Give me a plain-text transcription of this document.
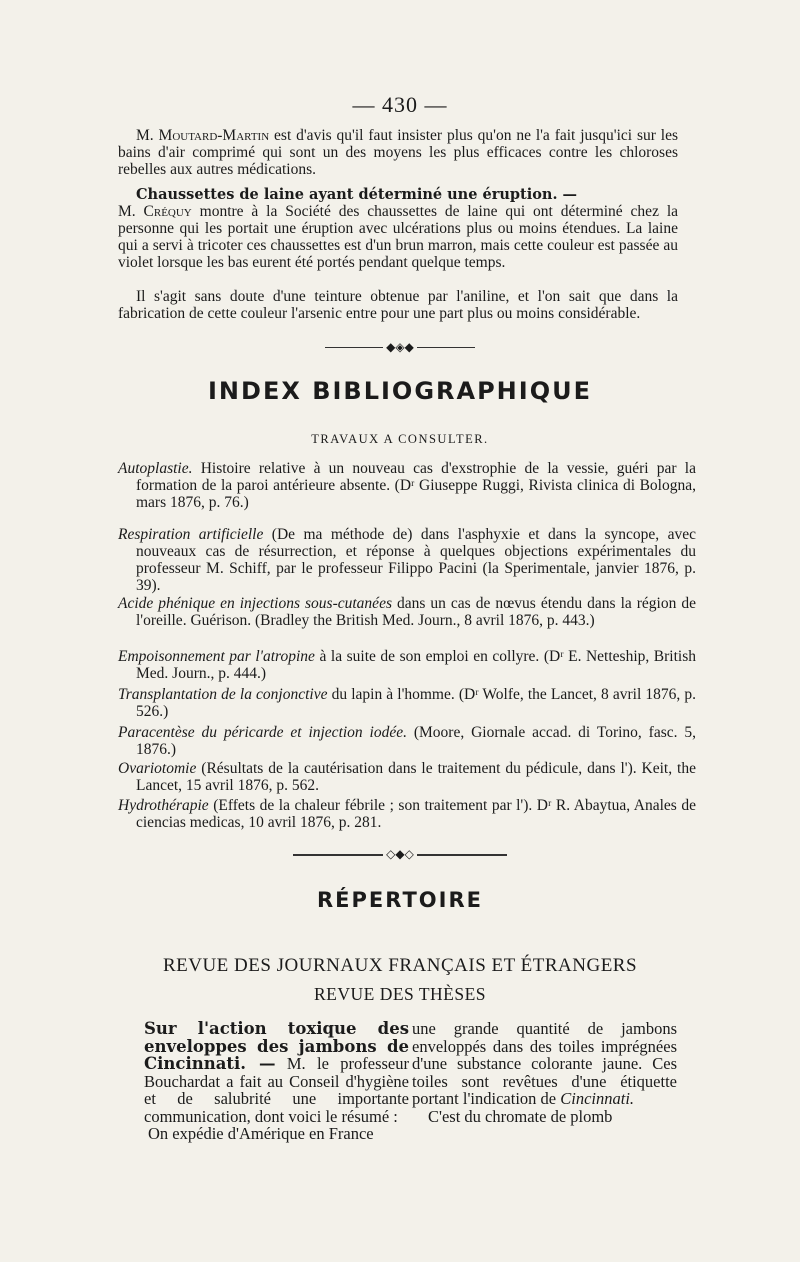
— 430 —

M. Moutard-Martin est d'avis qu'il faut insister plus qu'on ne l'a fait jusqu'ici sur les bains d'air comprimé qui sont un des moyens les plus efficaces contre les chloroses rebelles aux autres médications.

Chaussettes de laine ayant déterminé une éruption. —
M. Créquy montre à la Société des chaussettes de laine qui ont déterminé chez la personne qui les portait une éruption avec ulcérations plus ou moins étendues. La laine qui a servi à tricoter ces chaussettes est d'un brun marron, mais cette couleur est passée au violet lorsque les bas eurent été portés pendant quelque temps.

Il s'agit sans doute d'une teinture obtenue par l'aniline, et l'on sait que dans la fabrication de cette couleur l'arsenic entre pour une part plus ou moins considérable.

◆◈◆
INDEX BIBLIOGRAPHIQUE
TRAVAUX A CONSULTER.

Autoplastie. Histoire relative à un nouveau cas d'exstrophie de la vessie, guéri par la formation de la paroi antérieure absente. (Dʳ Giuseppe Ruggi, Rivista clinica di Bologna, mars 1876, p. 76.)

Respiration artificielle (De ma méthode de) dans l'asphyxie et dans la syncope, avec nouveaux cas de résurrection, et réponse à quelques objections expérimentales du professeur M. Schiff, par le professeur Filippo Pacini (la Sperimentale, janvier 1876, p. 39).

Acide phénique en injections sous-cutanées dans un cas de nœvus étendu dans la région de l'oreille. Guérison. (Bradley the British Med. Journ., 8 avril 1876, p. 443.)

Empoisonnement par l'atropine à la suite de son emploi en collyre. (Dʳ E. Netteship, British Med. Journ., p. 444.)

Transplantation de la conjonctive du lapin à l'homme. (Dʳ Wolfe, the Lancet, 8 avril 1876, p. 526.)

Paracentèse du péricarde et injection iodée. (Moore, Giornale accad. di Torino, fasc. 5, 1876.)

Ovariotomie (Résultats de la cautérisation dans le traitement du pédicule, dans l'). Keit, the Lancet, 15 avril 1876, p. 562.

Hydrothérapie (Effets de la chaleur fébrile ; son traitement par l'). Dʳ R. Abaytua, Anales de ciencias medicas, 10 avril 1876, p. 281.

◇◆◇
RÉPERTOIRE
REVUE DES JOURNAUX FRANÇAIS ET ÉTRANGERS
REVUE DES THÈSES

Sur l'action toxique des enveloppes des jambons de Cincinnati. — M. le professeur Bouchardat a fait au Conseil d'hygiène et de salubrité une importante communication, dont voici le résumé :
On expédie d'Amérique en France

une grande quantité de jambons enveloppés dans des toiles imprégnées d'une substance colorante jaune. Ces toiles sont revêtues d'une étiquette portant l'indication de Cincinnati.
C'est du chromate de plomb
